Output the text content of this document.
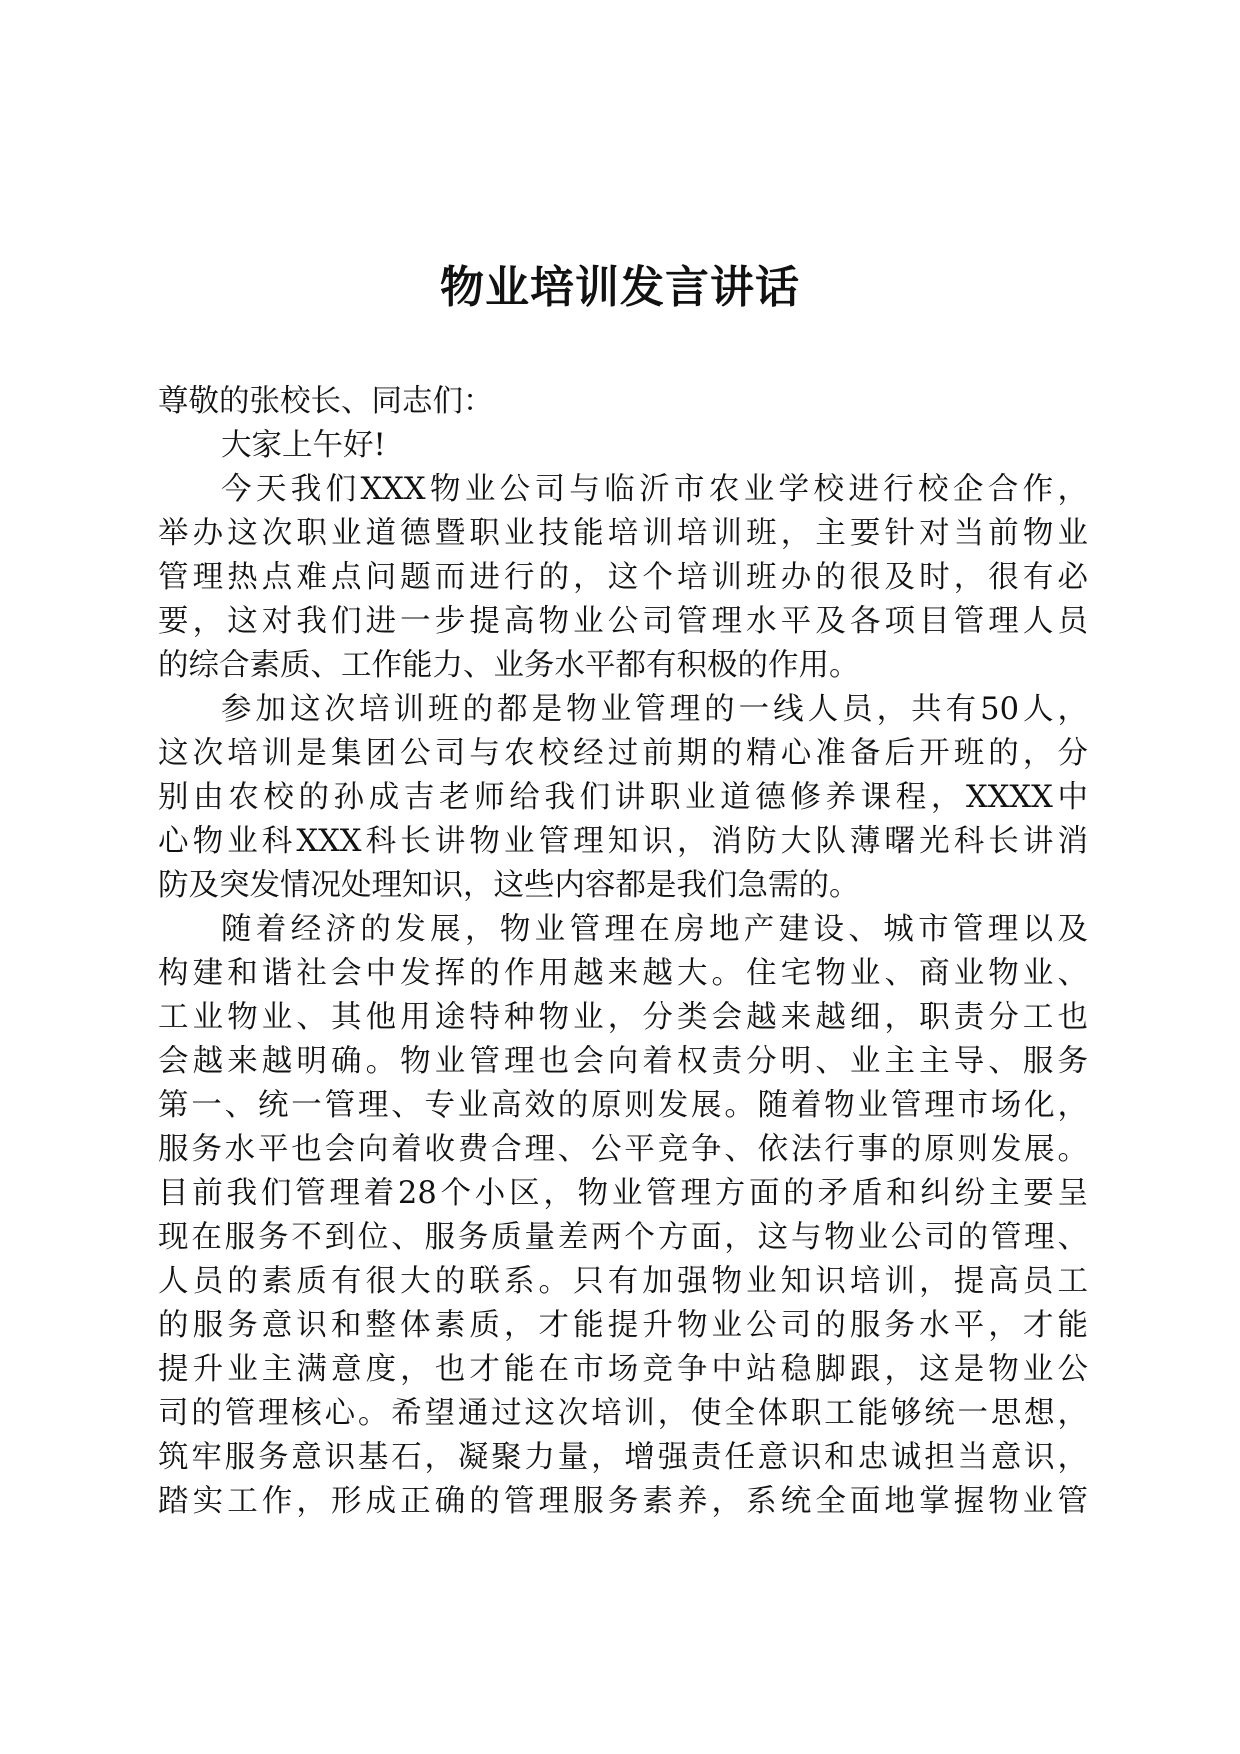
物业培训发言讲话
尊敬的张校长、同志们：
大家上午好!
今天我们XXX物业公司与临沂市农业学校进行校企合作，
举办这次职业道德暨职业技能培训培训班，主要针对当前物业
管理热点难点问题而进行的，这个培训班办的很及时，很有必
要，这对我们进一步提高物业公司管理水平及各项目管理人员
的综合素质、工作能力、业务水平都有积极的作用。
参加这次培训班的都是物业管理的一线人员，共有50人，
这次培训是集团公司与农校经过前期的精心准备后开班的，分
别由农校的孙成吉老师给我们讲职业道德修养课程，XXXX中
心物业科XXX科长讲物业管理知识，消防大队薄曙光科长讲消
防及突发情况处理知识，这些内容都是我们急需的。
随着经济的发展，物业管理在房地产建设、城市管理以及
构建和谐社会中发挥的作用越来越大。住宅物业、商业物业、
工业物业、其他用途特种物业，分类会越来越细，职责分工也
会越来越明确。物业管理也会向着权责分明、业主主导、服务
第一、统一管理、专业高效的原则发展。随着物业管理市场化，
服务水平也会向着收费合理、公平竞争、依法行事的原则发展。
目前我们管理着28个小区，物业管理方面的矛盾和纠纷主要呈
现在服务不到位、服务质量差两个方面，这与物业公司的管理、
人员的素质有很大的联系。只有加强物业知识培训，提高员工
的服务意识和整体素质，才能提升物业公司的服务水平，才能
提升业主满意度，也才能在市场竞争中站稳脚跟，这是物业公
司的管理核心。希望通过这次培训，使全体职工能够统一思想，
筑牢服务意识基石，凝聚力量，增强责任意识和忠诚担当意识，
踏实工作，形成正确的管理服务素养，系统全面地掌握物业管
